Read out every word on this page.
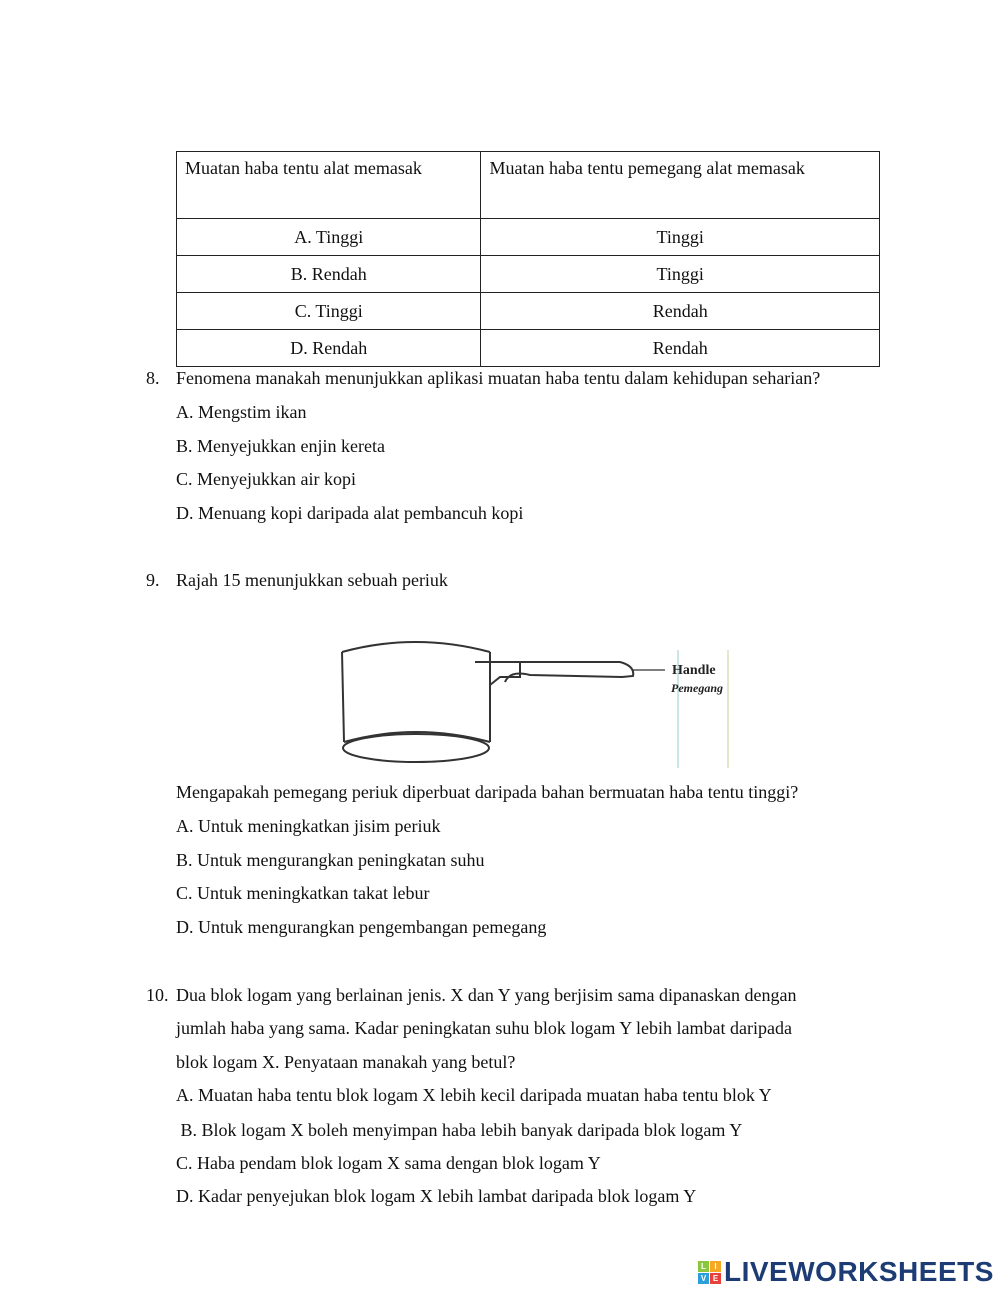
Muatan haba tentu alat memasak	Muatan haba tentu pemegang alat memasak
A. Tinggi	Tinggi
B. Rendah	Tinggi
C. Tinggi	Rendah
D. Rendah	Rendah
8. Fenomena manakah menunjukkan aplikasi muatan haba tentu dalam kehidupan seharian?
A. Mengstim ikan
B. Menyejukkan enjin kereta
C. Menyejukkan air kopi
D. Menuang kopi daripada alat pembancuh kopi
9. Rajah 15 menunjukkan sebuah periuk
Handle
Pemegang
Mengapakah pemegang periuk diperbuat daripada bahan bermuatan haba tentu tinggi?
A. Untuk meningkatkan jisim periuk
B. Untuk mengurangkan peningkatan suhu
C. Untuk meningkatkan takat lebur
D. Untuk mengurangkan pengembangan pemegang
10. Dua blok logam yang berlainan jenis. X dan Y yang berjisim sama dipanaskan dengan
jumlah haba yang sama. Kadar peningkatan suhu blok logam Y lebih lambat daripada
blok logam X. Penyataan manakah yang betul?
A. Muatan haba tentu blok logam X lebih kecil daripada muatan haba tentu blok Y
B. Blok logam X boleh menyimpan haba lebih banyak daripada blok logam Y
C. Haba pendam blok logam X sama dengan blok logam Y
D. Kadar penyejukan blok logam X lebih lambat daripada blok logam Y
L	I
V E LIVEWORKSHEETS
